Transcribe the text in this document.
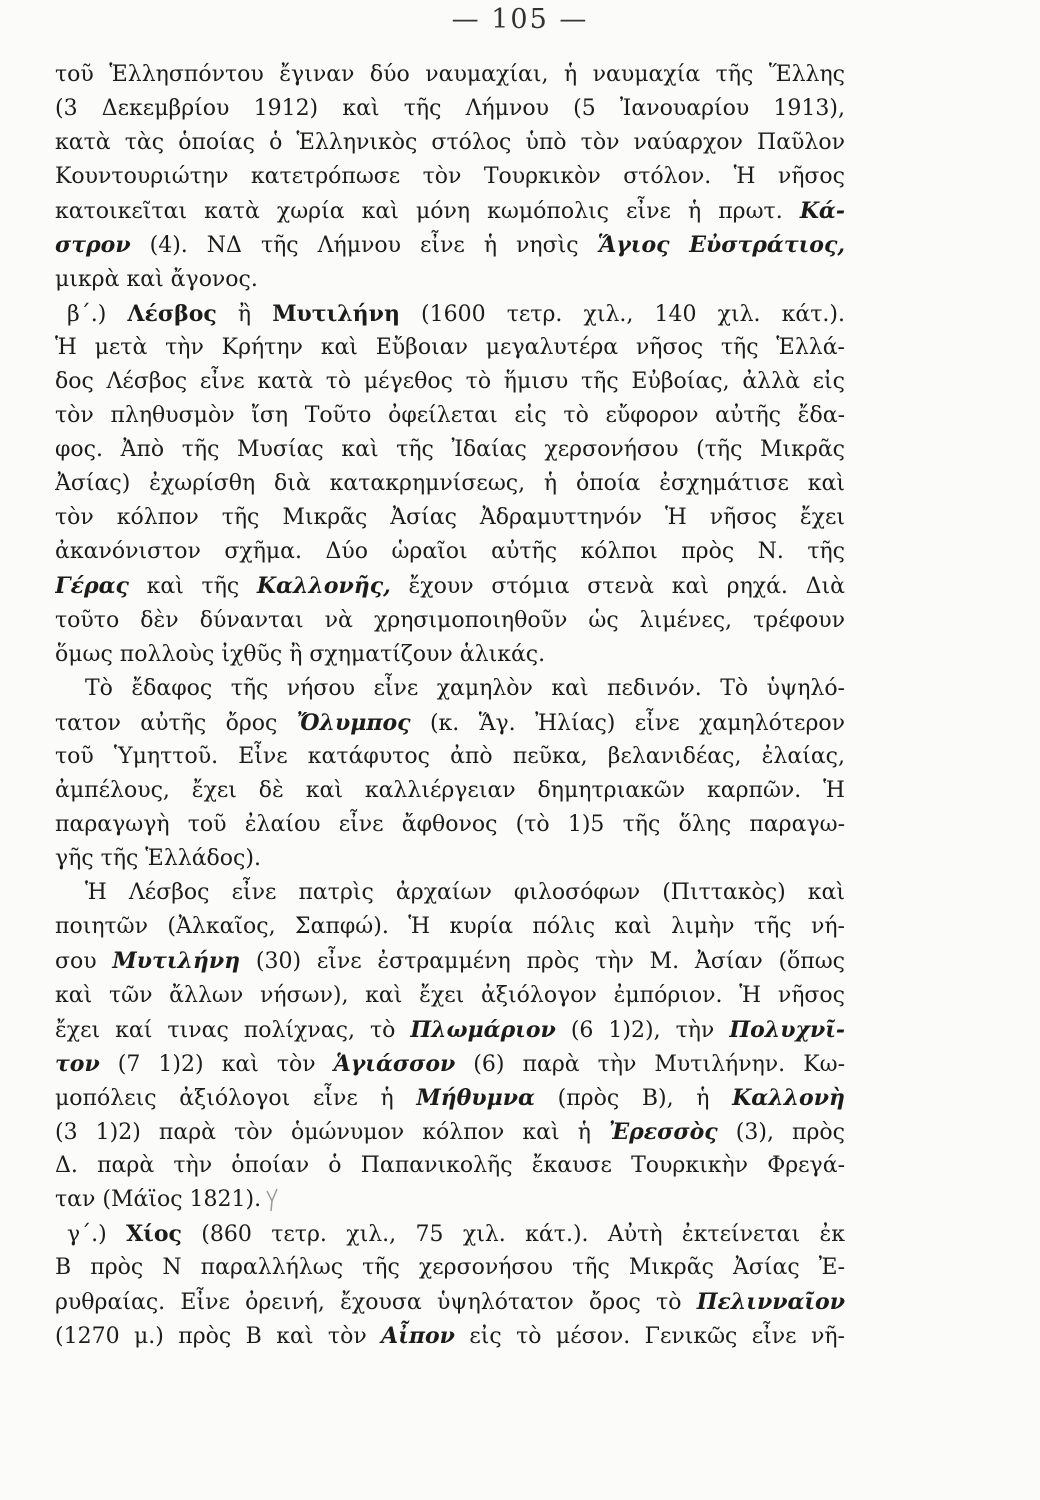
— 105 —
τοῦ Ἑλλησπόντου ἔγιναν δύο ναυμαχίαι, ἡ ναυμαχία τῆς Ἕλλης
(3 Δεκεμβρίου 1912) καὶ τῆς Λήμνου (5 Ἰανουαρίου 1913),
κατὰ τὰς ὁποίας ὁ Ἑλληνικὸς στόλος ὑπὸ τὸν ναύαρχον Παῦλον
Κουντουριώτην κατετρόπωσε τὸν Τουρκικὸν στόλον. Ἡ νῆσος
κατοικεῖται κατὰ χωρία καὶ μόνη κωμόπολις εἶνε ἡ πρωτ. Κά-
στρον (4). ΝΔ τῆς Λήμνου εἶνε ἡ νησὶς Ἅγιος Εὐστράτιος,
μικρὰ καὶ ἄγονος.
β´.) Λέσβος ἢ Μυτιλήνη (1600 τετρ. χιλ., 140 χιλ. κάτ.).
Ἡ μετὰ τὴν Κρήτην καὶ Εὔβοιαν μεγαλυτέρα νῆσος τῆς Ἑλλά-
δος Λέσβος εἶνε κατὰ τὸ μέγεθος τὸ ἥμισυ τῆς Εὐβοίας, ἀλλὰ εἰς
τὸν πληθυσμὸν ἴση Τοῦτο ὀφείλεται εἰς τὸ εὔφορον αὐτῆς ἔδα-
φος. Ἀπὸ τῆς Μυσίας καὶ τῆς Ἰδαίας χερσονήσου (τῆς Μικρᾶς
Ἀσίας) ἐχωρίσθη διὰ κατακρημνίσεως, ἡ ὁποία ἐσχημάτισε καὶ
τὸν κόλπον τῆς Μικρᾶς Ἀσίας Ἀδραμυττηνόν Ἡ νῆσος ἔχει
ἀκανόνιστον σχῆμα. Δύο ὡραῖοι αὐτῆς κόλποι πρὸς Ν. τῆς
Γέρας καὶ τῆς Καλλονῆς, ἔχουν στόμια στενὰ καὶ ρηχά. Διὰ
τοῦτο δὲν δύνανται νὰ χρησιμοποιηθοῦν ὡς λιμένες, τρέφουν
ὅμως πολλοὺς ἰχθῦς ἢ σχηματίζουν ἁλικάς.
Τὸ ἔδαφος τῆς νήσου εἶνε χαμηλὸν καὶ πεδινόν. Τὸ ὑψηλό-
τατον αὐτῆς ὄρος Ὄλυμπος (κ. Ἅγ. Ἠλίας) εἶνε χαμηλότερον
τοῦ Ὑμηττοῦ. Εἶνε κατάφυτος ἀπὸ πεῦκα, βελανιδέας, ἐλαίας,
ἀμπέλους, ἔχει δὲ καὶ καλλιέργειαν δημητριακῶν καρπῶν. Ἡ
παραγωγὴ τοῦ ἐλαίου εἶνε ἄφθονος (τὸ 1)5 τῆς ὅλης παραγω-
γῆς τῆς Ἑλλάδος).
Ἡ Λέσβος εἶνε πατρὶς ἀρχαίων φιλοσόφων (Πιττακὸς) καὶ
ποιητῶν (Ἀλκαῖος, Σαπφώ). Ἡ κυρία πόλις καὶ λιμὴν τῆς νή-
σου Μυτιλήνη (30) εἶνε ἐστραμμένη πρὸς τὴν Μ. Ἀσίαν (ὅπως
καὶ τῶν ἄλλων νήσων), καὶ ἔχει ἀξιόλογον ἐμπόριον. Ἡ νῆσος
ἔχει καί τινας πολίχνας, τὸ Πλωμάριον (6 1)2), τὴν Πολυχνῖ-
τον (7 1)2) καὶ τὸν Ἁγιάσσον (6) παρὰ τὴν Μυτιλήνην. Κω-
μοπόλεις ἀξιόλογοι εἶνε ἡ Μήθυμνα (πρὸς Β), ἡ Καλλονὴ
(3 1)2) παρὰ τὸν ὁμώνυμον κόλπον καὶ ἡ Ἐρεσσὸς (3), πρὸς
Δ. παρὰ τὴν ὁποίαν ὁ Παπανικολῆς ἔκαυσε Τουρκικὴν Φρεγά-
ταν (Μάϊος 1821).
γ´.) Χίος (860 τετρ. χιλ., 75 χιλ. κάτ.). Αὐτὴ ἐκτείνεται ἐκ
Β πρὸς Ν παραλλήλως τῆς χερσονήσου τῆς Μικρᾶς Ἀσίας Ἐ-
ρυθραίας. Εἶνε ὀρεινή, ἔχουσα ὑψηλότατον ὄρος τὸ Πελινναῖον
(1270 μ.) πρὸς Β καὶ τὸν Αἶπον εἰς τὸ μέσον. Γενικῶς εἶνε νῆ-
